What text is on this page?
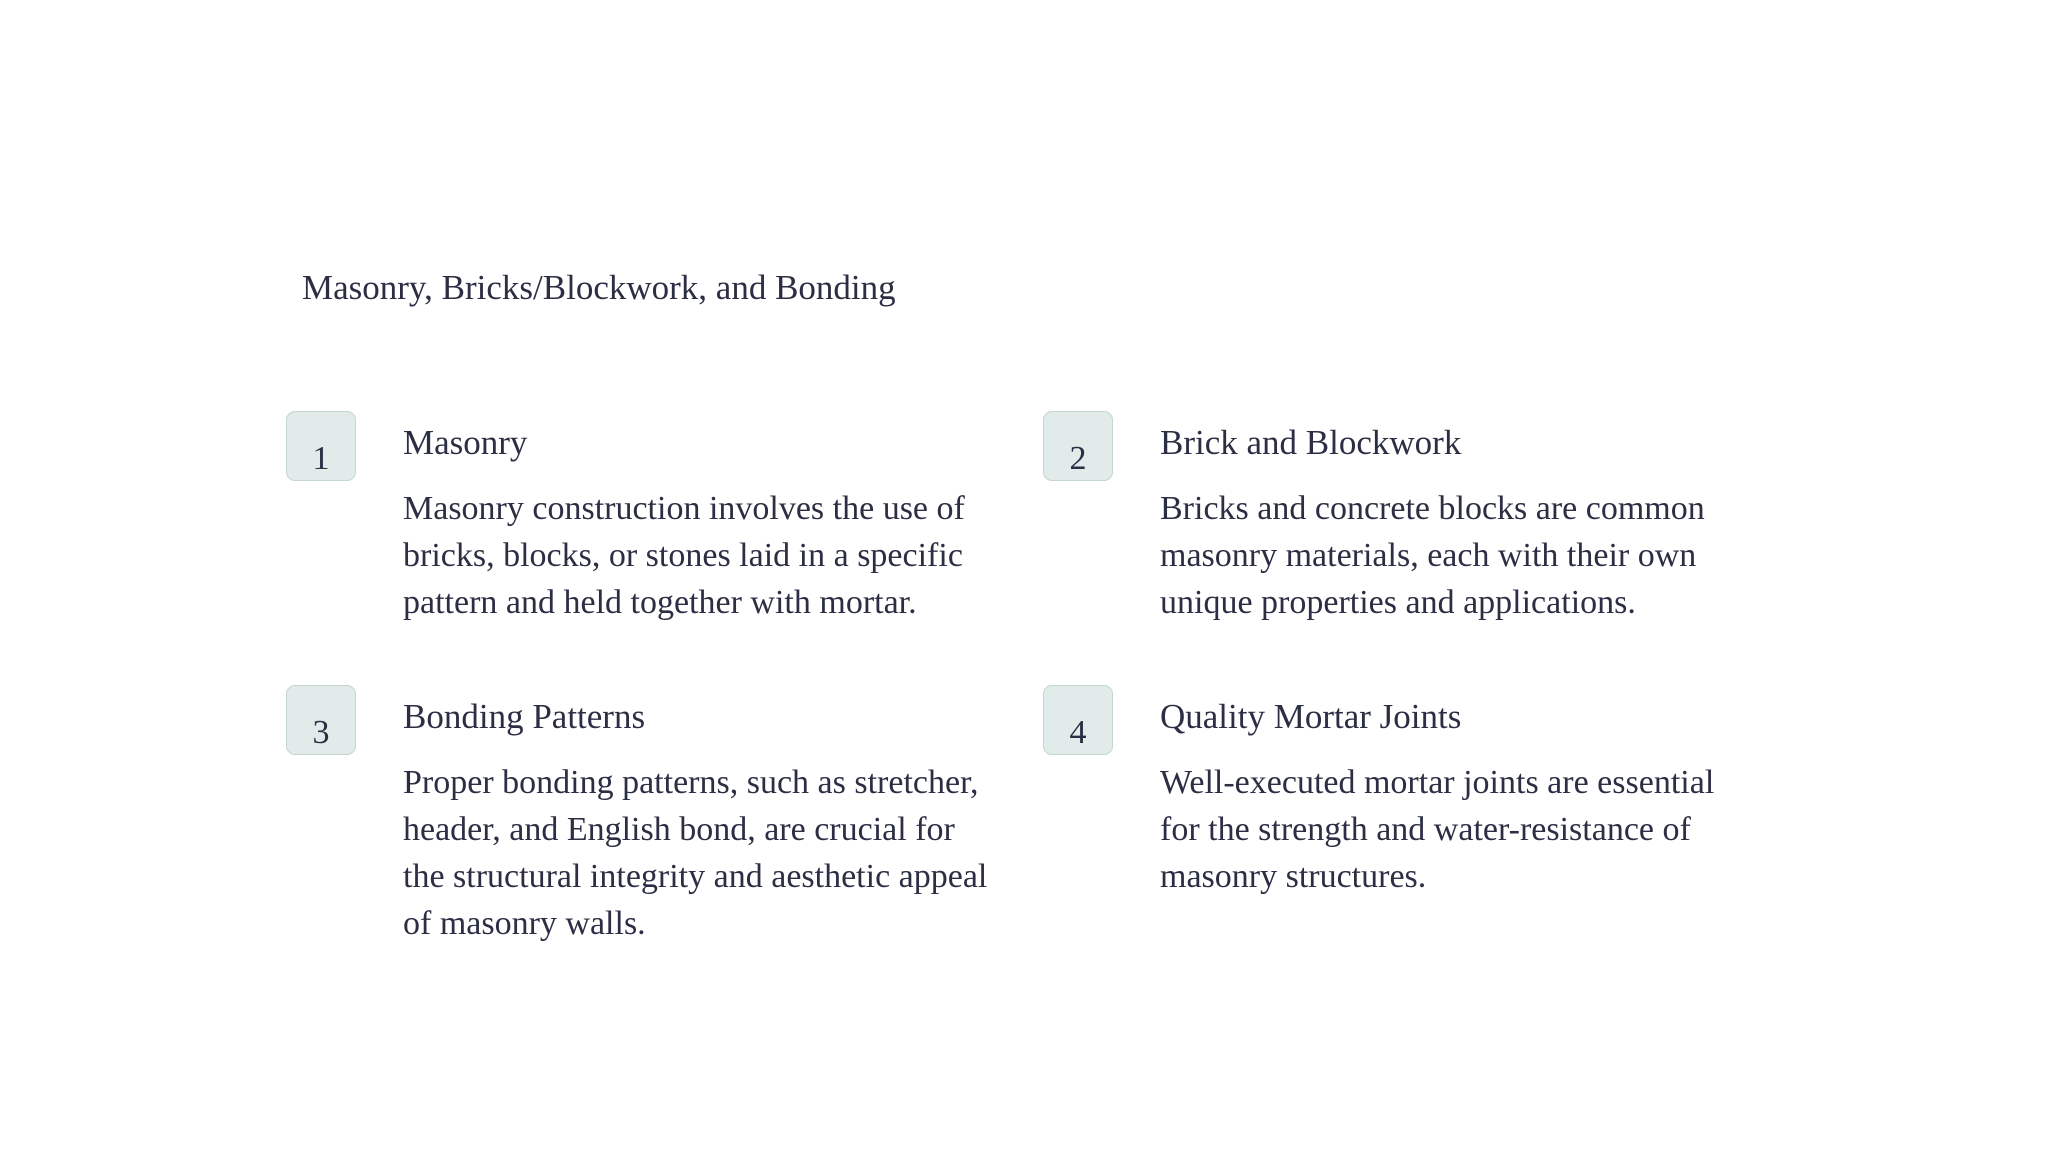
Masonry, Bricks/Blockwork, and Bonding
1	Masonry
Masonry construction involves the use of bricks, blocks, or stones laid in a specific pattern and held together with mortar.
2	Brick and Blockwork
Bricks and concrete blocks are common masonry materials, each with their own unique properties and applications.
3	Bonding Patterns
Proper bonding patterns, such as stretcher, header, and English bond, are crucial for the structural integrity and aesthetic appeal of masonry walls.
4	Quality Mortar Joints
Well-executed mortar joints are essential for the strength and water-resistance of masonry structures.
